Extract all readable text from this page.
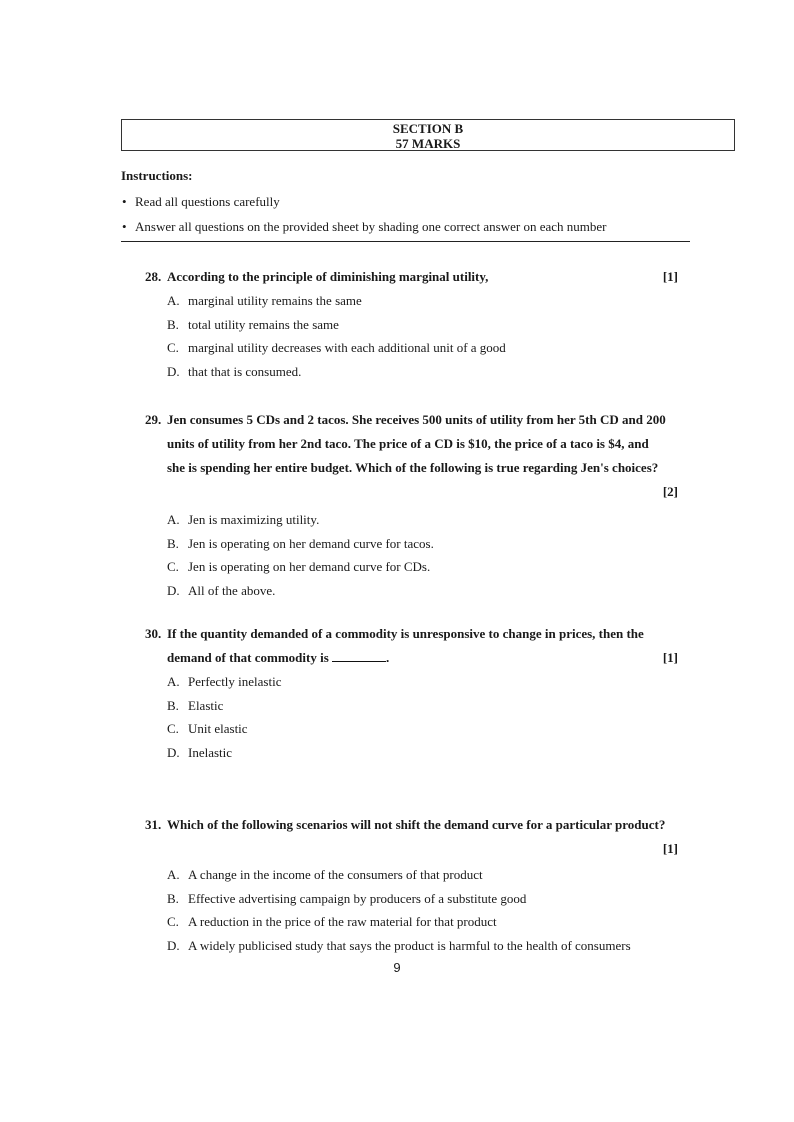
SECTION B
57 MARKS
Instructions:
• Read all questions carefully
• Answer all questions on the provided sheet by shading one correct answer on each number
28. According to the principle of diminishing marginal utility,	[1]
A. marginal utility remains the same
B. total utility remains the same
C. marginal utility decreases with each additional unit of a good
D. that that is consumed.
29. Jen consumes 5 CDs and 2 tacos. She receives 500 units of utility from her 5th CD and 200
units of utility from her 2nd taco. The price of a CD is $10, the price of a taco is $4, and
she is spending her entire budget. Which of the following is true regarding Jen's choices?
[2]
A. Jen is maximizing utility.
B. Jen is operating on her demand curve for tacos.
C. Jen is operating on her demand curve for CDs.
D. All of the above.
30. If the quantity demanded of a commodity is unresponsive to change in prices, then the
demand of that commodity is	.	[1]
A. Perfectly inelastic
B. Elastic
C. Unit elastic
D. Inelastic
31. Which of the following scenarios will not shift the demand curve for a particular product?
[1]
A. A change in the income of the consumers of that product
B. Effective advertising campaign by producers of a substitute good
C. A reduction in the price of the raw material for that product
D. A widely publicised study that says the product is harmful to the health of consumers
9
